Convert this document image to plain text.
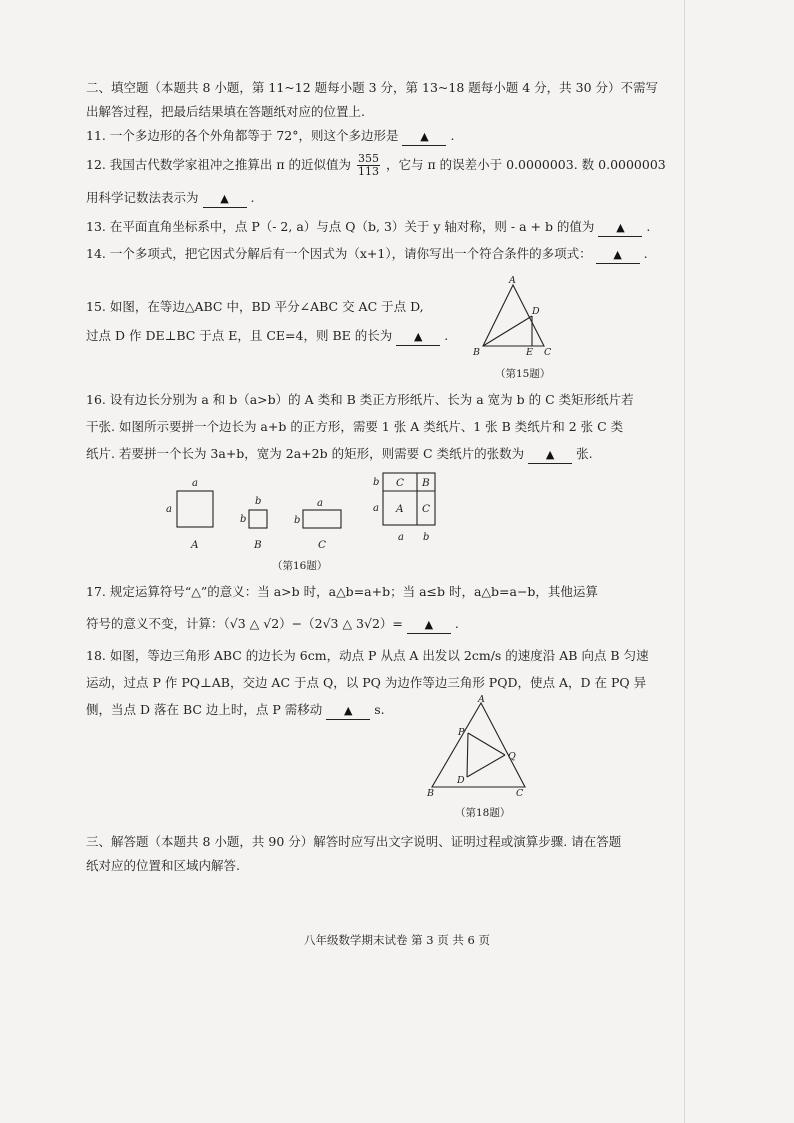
二、填空题（本题共 8 小题，第 11~12 题每小题 3 分，第 13~18 题每小题 4 分，共 30 分）不需写
出解答过程，把最后结果填在答题纸对应的位置上.
11. 一个多边形的各个外角都等于 72°，则这个多边形是 ▲ .
12. 我国古代数学家祖冲之推算出 π 的近似值为 $\frac{355}{113}$ ，它与 π 的误差小于 0.0000003. 数 0.0000003
用科学记数法表示为 ▲ .
13. 在平面直角坐标系中，点 P（- 2, a）与点 Q（b, 3）关于 y 轴对称，则 - a + b 的值为 ▲ .
14. 一个多项式，把它因式分解后有一个因式为（x+1），请你写出一个符合条件的多项式： ▲ .
15. 如图，在等边△ABC 中，BD 平分∠ABC 交 AC 于点 D,
过点 D 作 DE⊥BC 于点 E，且 CE=4，则 BE 的长为 ▲ .
A
B	C
D
E
（第15题）
16. 设有边长分别为 a 和 b（a>b）的 A 类和 B 类正方形纸片、长为 a 宽为 b 的 C 类矩形纸片若
干张. 如图所示要拼一个边长为 a+b 的正方形，需要 1 张 A 类纸片、1 张 B 类纸片和 2 张 C 类
纸片. 若要拼一个长为 3a+b，宽为 2a+2b 的矩形，则需要 C 类纸片的张数为 ▲ 张.
a
a
b
b
a
b
b
a
a b
A	B	C
C B
A C
（第16题）
17. 规定运算符号“△”的意义：当 a>b 时，a△b=a+b；当 a≤b 时，a△b=a−b，其他运算
符号的意义不变，计算：（√3 △ √2）−（2√3 △ 3√2）= ▲ .
18. 如图，等边三角形 ABC 的边长为 6cm，动点 P 从点 A 出发以 2cm/s 的速度沿 AB 向点 B 匀速
运动，过点 P 作 PQ⊥AB，交边 AC 于点 Q，以 PQ 为边作等边三角形 PQD，使点 A，D 在 PQ 异
侧，当点 D 落在 BC 边上时，点 P 需移动 ▲ s.
A
B	C
P
Q
D
（第18题）
三、解答题（本题共 8 小题，共 90 分）解答时应写出文字说明、证明过程或演算步骤. 请在答题
纸对应的位置和区域内解答.
八年级数学期末试卷 第 3 页 共 6 页
